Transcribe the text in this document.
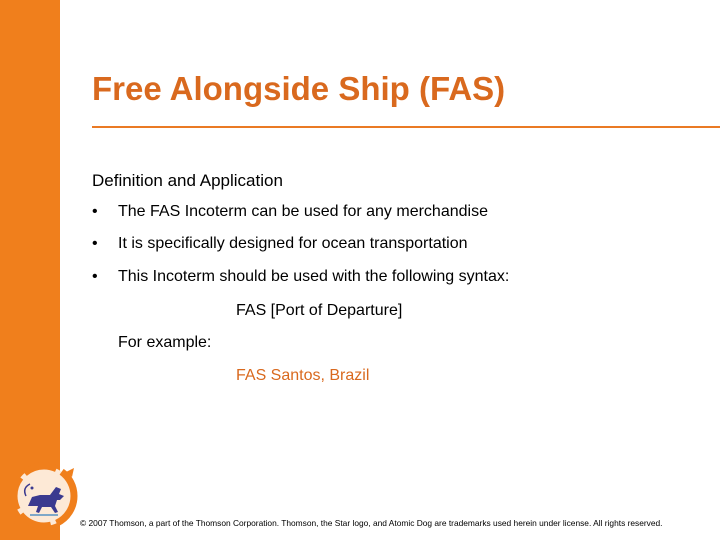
Free Alongside Ship (FAS)
Definition and Application
• The FAS Incoterm can be used for any merchandise
• It is specifically designed for ocean transportation
• This Incoterm should be used with the following syntax:
FAS [Port of Departure]
For example:
FAS Santos, Brazil
© 2007 Thomson, a part of the Thomson Corporation. Thomson, the Star logo, and Atomic Dog are trademarks used herein under license. All rights reserved.
